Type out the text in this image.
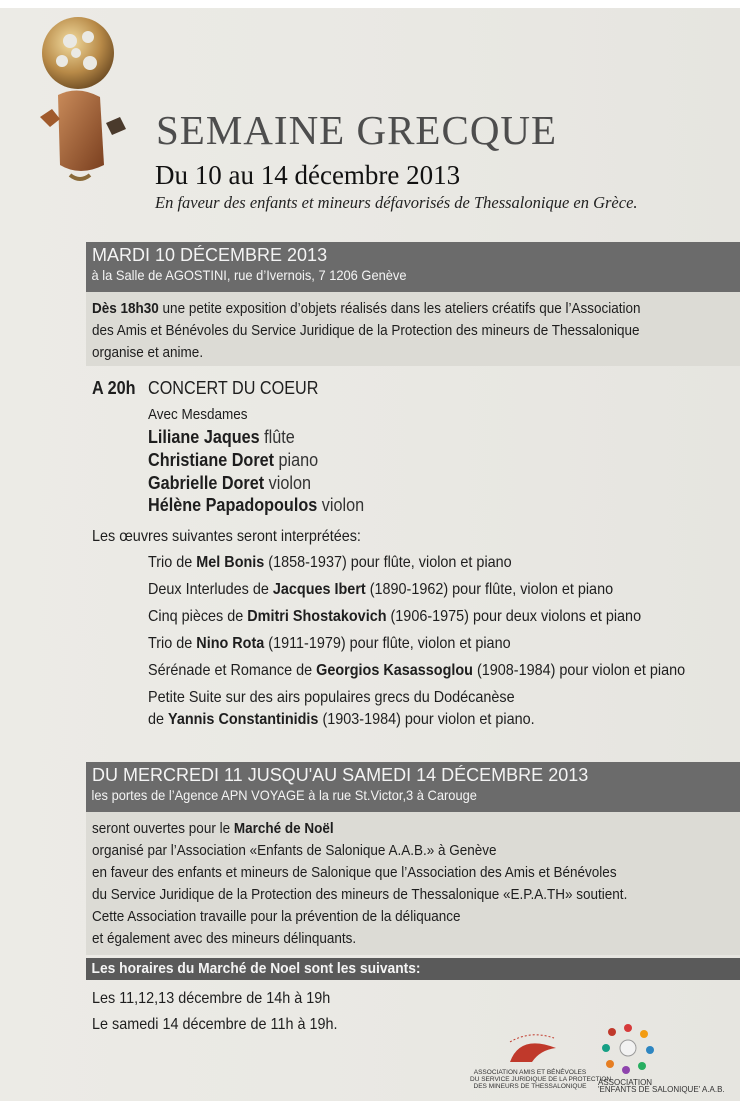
SEMAINE GRECQUE
Du 10 au 14 décembre 2013
En faveur des enfants et mineurs défavorisés de Thessalonique en Grèce.
MARDI 10 DÉCEMBRE 2013
à la Salle de AGOSTINI, rue d’Ivernois, 7 1206 Genève
Dès 18h30 une petite exposition d’objets réalisés dans les ateliers créatifs que l’Association
des Amis et Bénévoles du Service Juridique de la Protection des mineurs de Thessalonique
organise et anime.
A 20h CONCERT DU COEUR
Avec Mesdames
Liliane Jaques flûte
Christiane Doret piano
Gabrielle Doret violon
Hélène Papadopoulos violon
Les œuvres suivantes seront interprétées:
Trio de Mel Bonis (1858-1937) pour flûte, violon et piano
Deux Interludes de Jacques Ibert (1890-1962) pour flûte, violon et piano
Cinq pièces de Dmitri Shostakovich (1906-1975) pour deux violons et piano
Trio de Nino Rota (1911-1979) pour flûte, violon et piano
Sérénade et Romance de Georgios Kasassoglou (1908-1984) pour violon et piano
Petite Suite sur des airs populaires grecs du Dodécanèse
de Yannis Constantinidis (1903-1984) pour violon et piano.
DU MERCREDI 11 JUSQU'AU SAMEDI 14 DÉCEMBRE 2013
les portes de l’Agence APN VOYAGE à la rue St.Victor,3 à Carouge
seront ouvertes pour le Marché de Noël
organisé par l’Association «Enfants de Salonique A.A.B.» à Genève
en faveur des enfants et mineurs de Salonique que l’Association des Amis et Bénévoles
du Service Juridique de la Protection des mineurs de Thessalonique «E.P.A.TH» soutient.
Cette Association travaille pour la prévention de la déliquance
et également avec des mineurs délinquants.
Les horaires du Marché de Noel sont les suivants:
Les 11,12,13 décembre de 14h à 19h
Le samedi 14 décembre de 11h à 19h.
ASSOCIATION AMIS ET BÉNÉVOLES
DU SERVICE JURIDIQUE DE LA PROTECTION
DES MINEURS DE THESSALONIQUE	ASSOCIATION
'ENFANTS DE SALONIQUE' A.A.B.
